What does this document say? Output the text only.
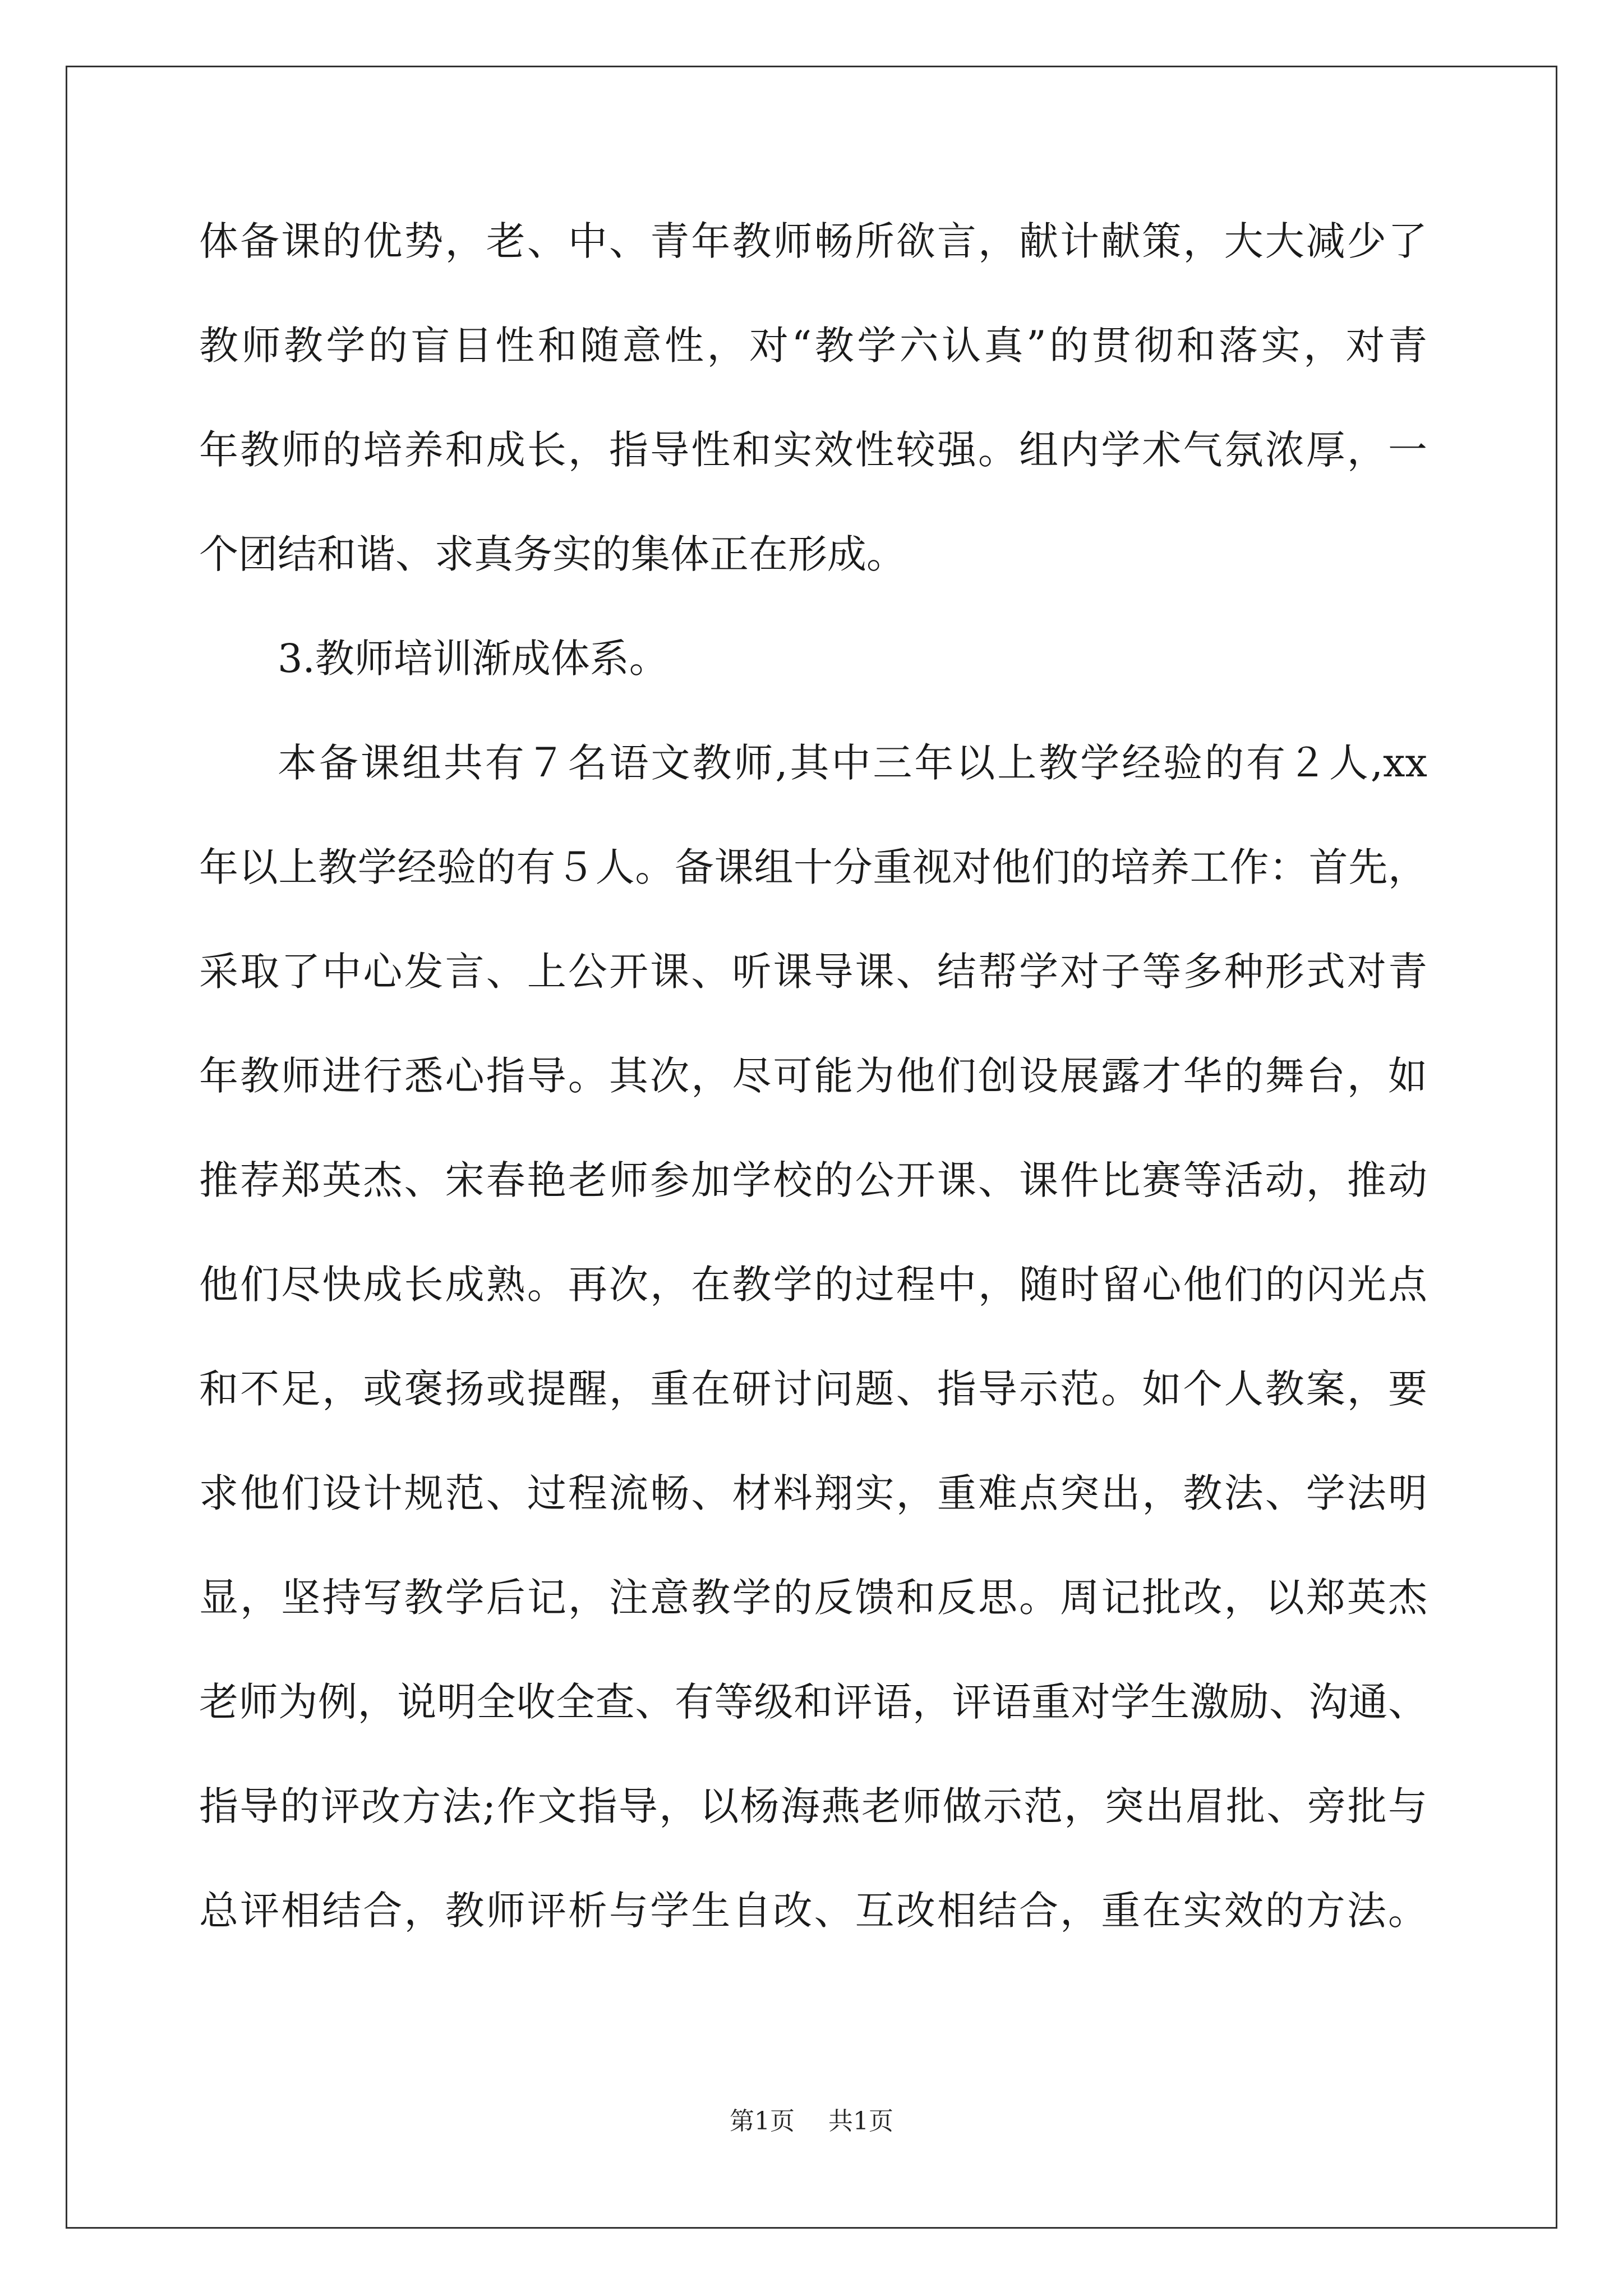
体备课的优势，老、中、青年教师畅所欲言，献计献策，大大减少了
教师教学的盲目性和随意性，对“教学六认真”的贯彻和落实，对青
年教师的培养和成长，指导性和实效性较强。组内学术气氛浓厚，一
个团结和谐、求真务实的集体正在形成。
3.教师培训渐成体系。
本备课组共有７名语文教师,其中三年以上教学经验的有２人,xx
年以上教学经验的有５人。备课组十分重视对他们的培养工作：首先，
采取了中心发言、上公开课、听课导课、结帮学对子等多种形式对青
年教师进行悉心指导。其次，尽可能为他们创设展露才华的舞台，如
推荐郑英杰、宋春艳老师参加学校的公开课、课件比赛等活动，推动
他们尽快成长成熟。再次，在教学的过程中，随时留心他们的闪光点
和不足，或褒扬或提醒，重在研讨问题、指导示范。如个人教案，要
求他们设计规范、过程流畅、材料翔实，重难点突出，教法、学法明
显，坚持写教学后记，注意教学的反馈和反思。周记批改，以郑英杰
老师为例，说明全收全查、有等级和评语，评语重对学生激励、沟通、
指导的评改方法;作文指导，以杨海燕老师做示范，突出眉批、旁批与
总评相结合，教师评析与学生自改、互改相结合，重在实效的方法。
第1页 共1页
